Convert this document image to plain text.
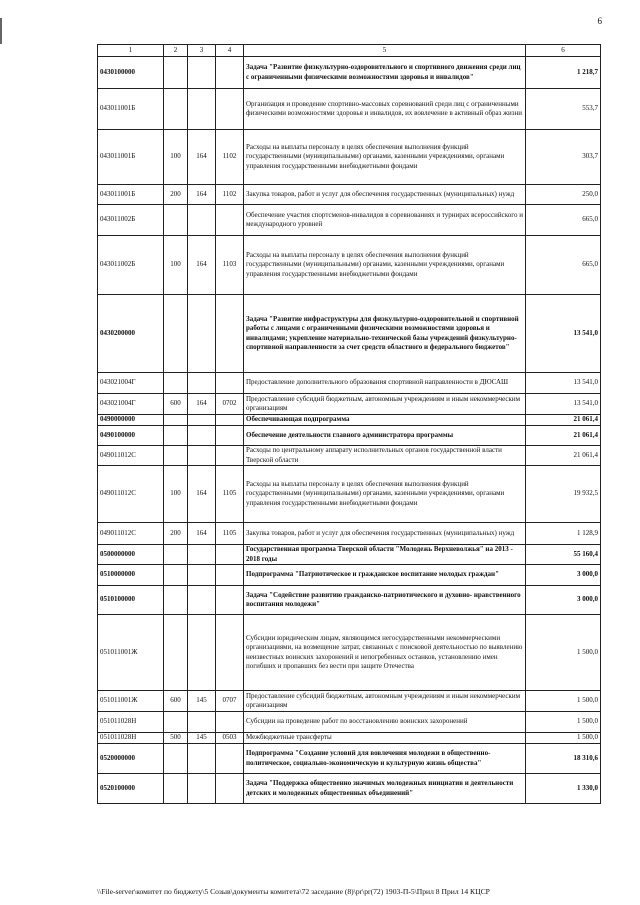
6
1	2	3	4	5	6
0430100000				Задача "Развитие физкультурно-оздоровительного и спортивного движения среди лиц с ограниченными физическими возможностями здоровья и инвалидов"	1 218,7
043011001Б				Организация и проведение спортивно-массовых соревнований среди лиц с ограниченными физическими возможностями здоровья и инвалидов, их вовлечение в активный образ жизни	553,7
043011001Б	100	164	1102	Расходы на выплаты персоналу в целях обеспечения выполнения функций государственными (муниципальными) органами, казенными учреждениями, органами управления государственными внебюджетными фондами	303,7
043011001Б	200	164	1102	Закупка товаров, работ и услуг для обеспечения государственных (муниципальных) нужд	250,0
043011002Б				Обеспечение участия спортсменов-инвалидов в соревнованиях и турнирах всероссийского и международного уровней	665,0
043011002Б	100	164	1103	Расходы на выплаты персоналу в целях обеспечения выполнения функций государственными (муниципальными) органами, казенными учреждениями, органами управления государственными внебюджетными фондами	665,0
0430200000				Задача "Развитие инфраструктуры для физкультурно-оздоровительной и спортивной работы с лицами с ограниченными физическими возможностями здоровья и инвалидами; укрепление материально-технической базы учреждений физкультурно-спортивной направленности за счет средств областного и федерального бюджетов"	13 541,0
043021004Г				Предоставление дополнительного образования спортивной направленности в ДЮСАШ	13 541,0
043021004Г	600	164	0702	Предоставление субсидий бюджетным, автономным учреждениям и иным некоммерческим организациям	13 541,0
0490000000				Обеспечивающая подпрограмма	21 061,4
0490100000				Обеспечение деятельности главного администратора программы	21 061,4
049011012С				Расходы по центральному аппарату исполнительных органов государственной власти Тверской области	21 061,4
049011012С	100	164	1105	Расходы на выплаты персоналу в целях обеспечения выполнения функций государственными (муниципальными) органами, казенными учреждениями, органами управления государственными внебюджетными фондами	19 932,5
049011012С	200	164	1105	Закупка товаров, работ и услуг для обеспечения государственных (муниципальных) нужд	1 128,9
0500000000				Государственная программа Тверской области "Молодежь Верхневолжья" на 2013 - 2018 годы	55 160,4
0510000000				Подпрограмма "Патриотическое и гражданское воспитание молодых граждан"	3 000,0
0510100000				Задача "Содействие развитию гражданско-патриотического и духовно- нравственного воспитания молодежи"	3 000,0
051011001Ж				Субсидии юридическим лицам, являющимся негосударственными некоммерческими организациями, на возмещение затрат, связанных с поисковой деятельностью по выявлению неизвестных воинских захоронений и непогребенных останков, установлению имен погибших и пропавших без вести при защите Отечества	1 500,0
051011001Ж	600	145	0707	Предоставление субсидий бюджетным, автономным учреждениям и иным некоммерческим организациям	1 500,0
051011028Н				Субсидии на проведение работ по восстановлению воинских захоронений	1 500,0
051011028Н	500	145	0503	Межбюджетные трансферты	1 500,0
0520000000				Подпрограмма "Создание условий для вовлечения молодежи в общественно-политическое, социально-экономическую и культурную жизнь общества"	18 310,6
0520100000				Задача "Поддержка общественно значимых молодежных инициатив и деятельности детских и молодежных общественных объединений"	1 330,0
\\File-server\комитет по бюджету\5 Созыв\документы комитета\72 заседание (8)\pr\pr(72) 1903-П-5\Прил 8 Прил 14 КЦСР
